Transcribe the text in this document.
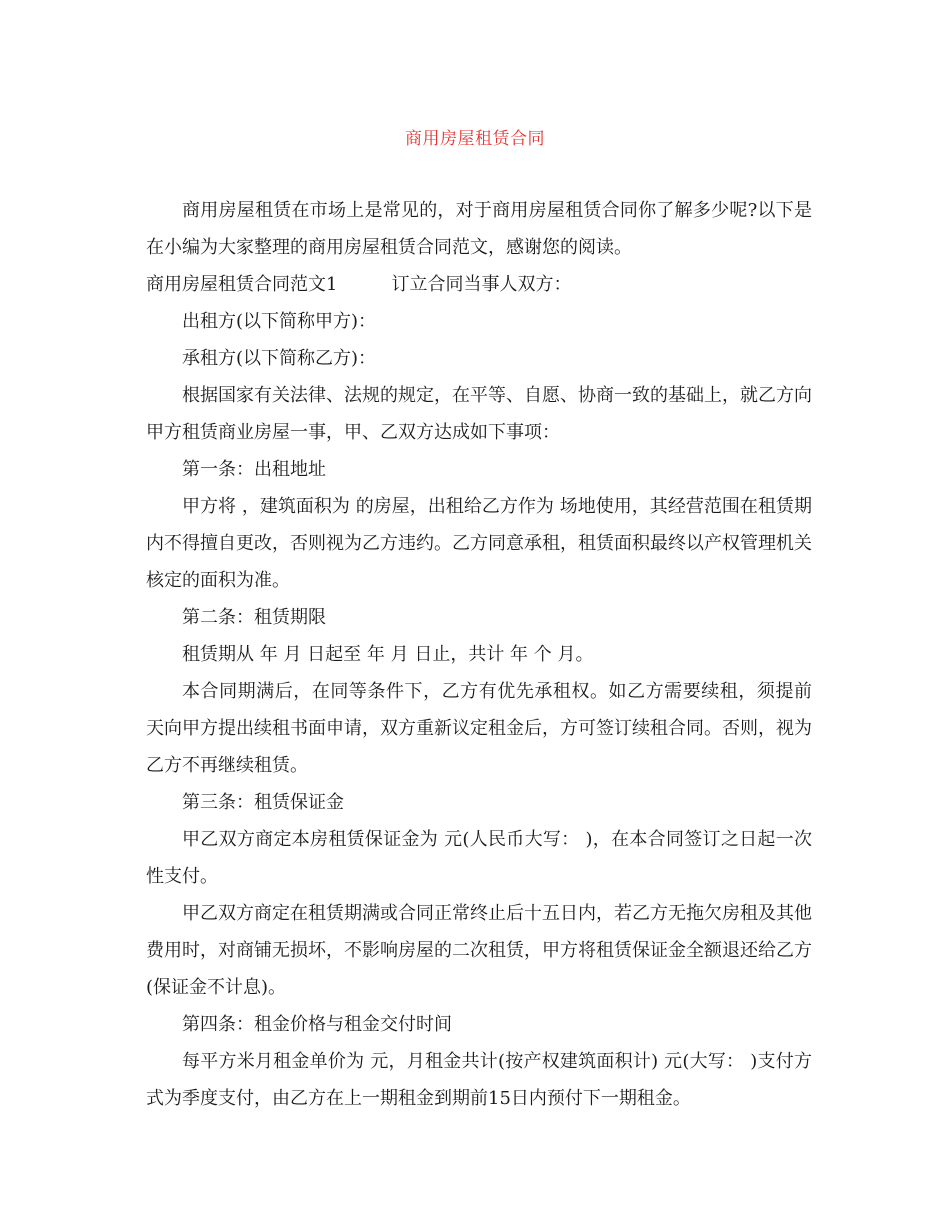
商用房屋租赁合同

商用房屋租赁在市场上是常见的，对于商用房屋租赁合同你了解多少呢?以下是在小编为大家整理的商用房屋租赁合同范文，感谢您的阅读。

商用房屋租赁合同范文1	订立合同当事人双方：

出租方(以下简称甲方)：

承租方(以下简称乙方)：

根据国家有关法律、法规的规定，在平等、自愿、协商一致的基础上，就乙方向甲方租赁商业房屋一事，甲、乙双方达成如下事项：

第一条：出租地址

甲方将 ，建筑面积为 的房屋，出租给乙方作为 场地使用，其经营范围在租赁期内不得擅自更改，否则视为乙方违约。乙方同意承租，租赁面积最终以产权管理机关核定的面积为准。

第二条：租赁期限

租赁期从 年 月 日起至 年 月 日止，共计 年 个 月。

本合同期满后，在同等条件下，乙方有优先承租权。如乙方需要续租，须提前 天向甲方提出续租书面申请，双方重新议定租金后，方可签订续租合同。否则，视为乙方不再继续租赁。

第三条：租赁保证金

甲乙双方商定本房租赁保证金为 元(人民币大写： )，在本合同签订之日起一次性支付。

甲乙双方商定在租赁期满或合同正常终止后十五日内，若乙方无拖欠房租及其他费用时，对商铺无损坏，不影响房屋的二次租赁，甲方将租赁保证金全额退还给乙方(保证金不计息)。

第四条：租金价格与租金交付时间

每平方米月租金单价为 元，月租金共计(按产权建筑面积计) 元(大写： )支付方式为季度支付，由乙方在上一期租金到期前15日内预付下一期租金。
